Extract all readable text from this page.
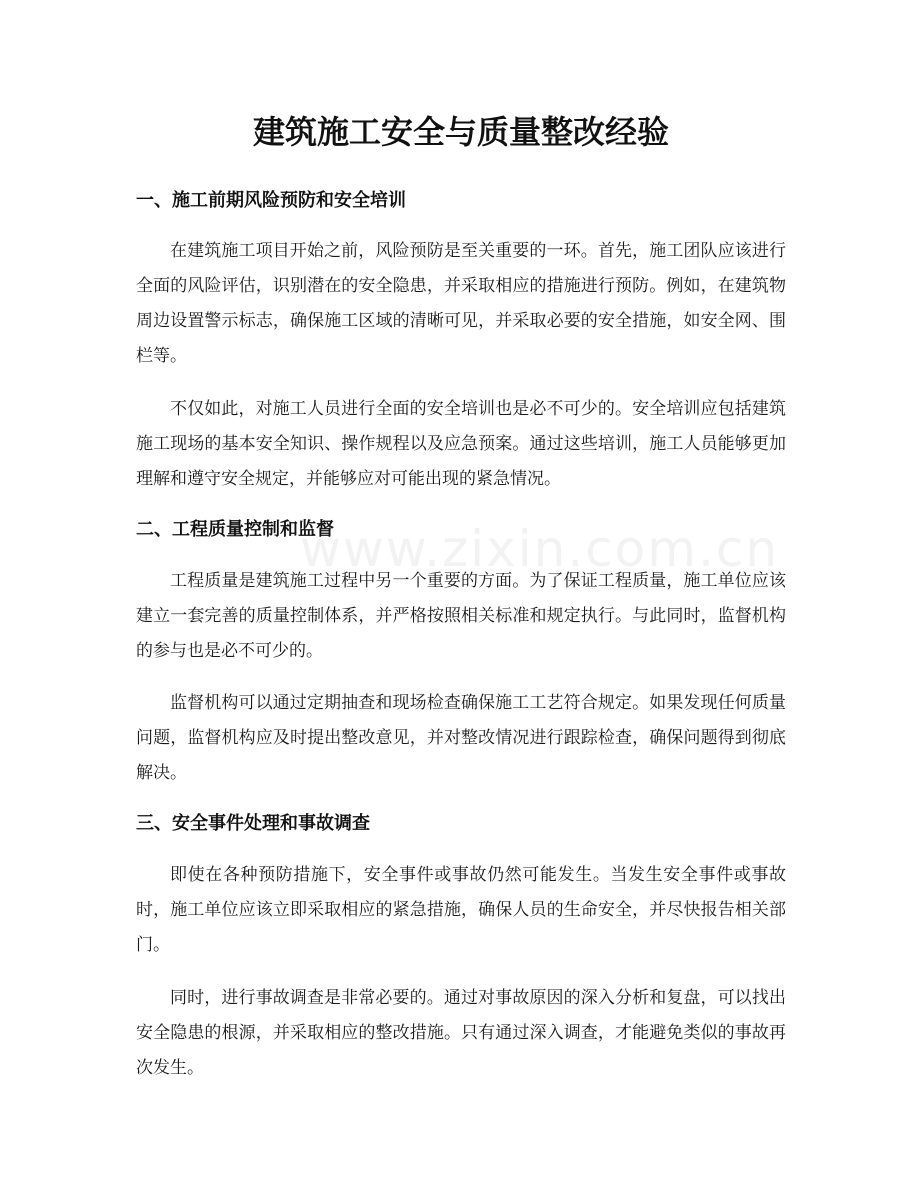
www.zixin.com.cn
建筑施工安全与质量整改经验
一、施工前期风险预防和安全培训

在建筑施工项目开始之前，风险预防是至关重要的一环。首先，施工团队应该进行全面的风险评估，识别潜在的安全隐患，并采取相应的措施进行预防。例如，在建筑物周边设置警示标志，确保施工区域的清晰可见，并采取必要的安全措施，如安全网、围栏等。

不仅如此，对施工人员进行全面的安全培训也是必不可少的。安全培训应包括建筑施工现场的基本安全知识、操作规程以及应急预案。通过这些培训，施工人员能够更加理解和遵守安全规定，并能够应对可能出现的紧急情况。

二、工程质量控制和监督

工程质量是建筑施工过程中另一个重要的方面。为了保证工程质量，施工单位应该建立一套完善的质量控制体系，并严格按照相关标准和规定执行。与此同时，监督机构的参与也是必不可少的。

监督机构可以通过定期抽查和现场检查确保施工工艺符合规定。如果发现任何质量问题，监督机构应及时提出整改意见，并对整改情况进行跟踪检查，确保问题得到彻底解决。

三、安全事件处理和事故调查

即使在各种预防措施下，安全事件或事故仍然可能发生。当发生安全事件或事故时，施工单位应该立即采取相应的紧急措施，确保人员的生命安全，并尽快报告相关部门。

同时，进行事故调查是非常必要的。通过对事故原因的深入分析和复盘，可以找出安全隐患的根源，并采取相应的整改措施。只有通过深入调查，才能避免类似的事故再次发生。
